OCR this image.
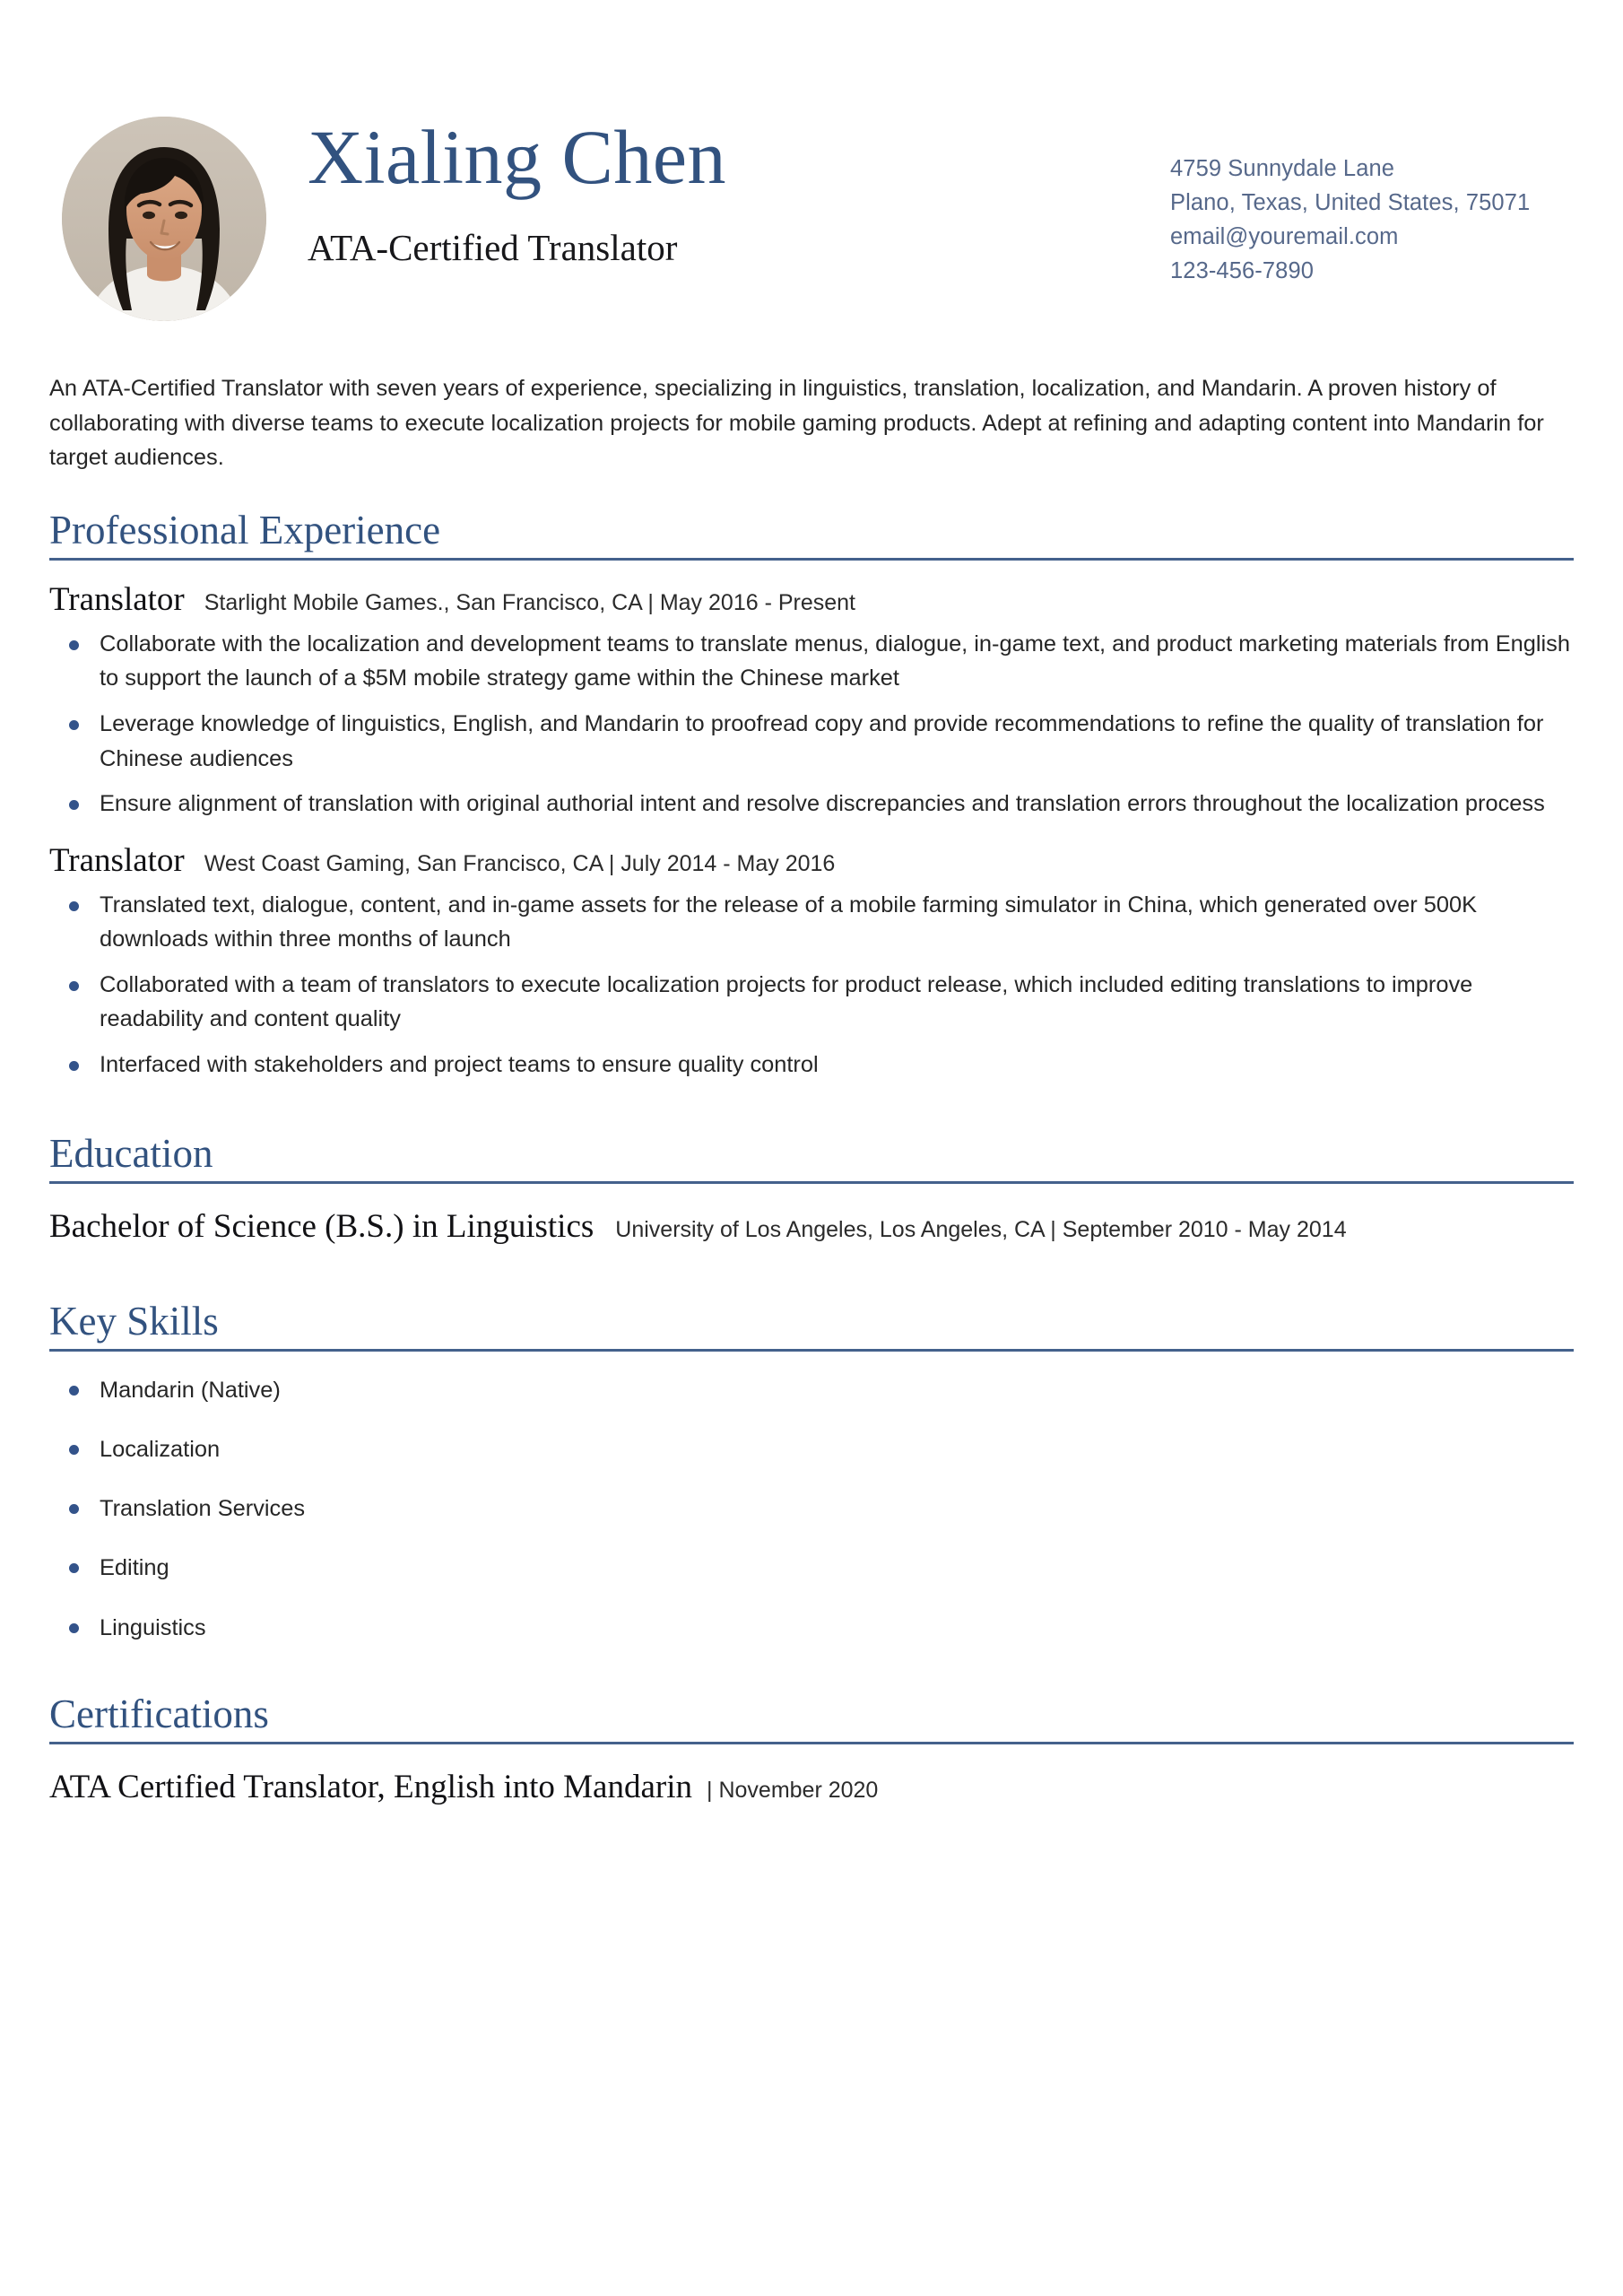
Xialing Chen
ATA-Certified Translator
4759 Sunnydale Lane
Plano, Texas, United States, 75071
email@youremail.com
123-456-7890

An ATA-Certified Translator with seven years of experience, specializing in linguistics, translation, localization, and Mandarin. A proven history of collaborating with diverse teams to execute localization projects for mobile gaming products. Adept at refining and adapting content into Mandarin for target audiences.

Professional Experience
Translator Starlight Mobile Games., San Francisco, CA | May 2016 - Present
Collaborate with the localization and development teams to translate menus, dialogue, in-game text, and product marketing materials from English to support the launch of a $5M mobile strategy game within the Chinese market
Leverage knowledge of linguistics, English, and Mandarin to proofread copy and provide recommendations to refine the quality of translation for Chinese audiences
Ensure alignment of translation with original authorial intent and resolve discrepancies and translation errors throughout the localization process
Translator West Coast Gaming, San Francisco, CA | July 2014 - May 2016
Translated text, dialogue, content, and in-game assets for the release of a mobile farming simulator in China, which generated over 500K downloads within three months of launch
Collaborated with a team of translators to execute localization projects for product release, which included editing translations to improve readability and content quality
Interfaced with stakeholders and project teams to ensure quality control
Education
Bachelor of Science (B.S.) in Linguistics University of Los Angeles, Los Angeles, CA | September 2010 - May 2014
Key Skills
Mandarin (Native)
Localization
Translation Services
Editing
Linguistics
Certifications
ATA Certified Translator, English into Mandarin | November 2020
